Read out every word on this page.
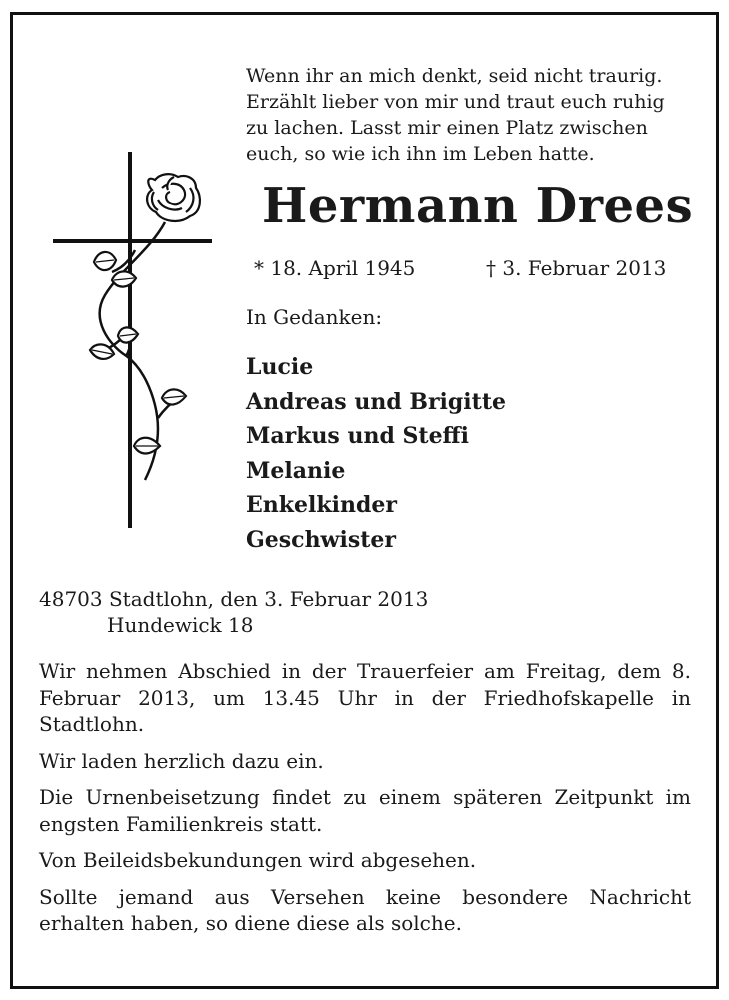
Wenn ihr an mich denkt, seid nicht traurig.
Erzählt lieber von mir und traut euch ruhig
zu lachen. Lasst mir einen Platz zwischen
euch, so wie ich ihn im Leben hatte.
Hermann Drees
* 18. April 1945	† 3. Februar 2013
In Gedanken:
Lucie
Andreas und Brigitte
Markus und Steffi
Melanie
Enkelkinder
Geschwister
48703 Stadtlohn, den 3. Februar 2013
Hundewick 18

Wir nehmen Abschied in der Trauerfeier am Freitag, dem 8. Februar 2013, um 13.45 Uhr in der Friedhofskapelle in Stadtlohn.

Wir laden herzlich dazu ein.

Die Urnenbeisetzung findet zu einem späteren Zeitpunkt im engsten Familienkreis statt.

Von Beileidsbekundungen wird abgesehen.

Sollte jemand aus Versehen keine besondere Nachricht erhalten haben, so diene diese als solche.
